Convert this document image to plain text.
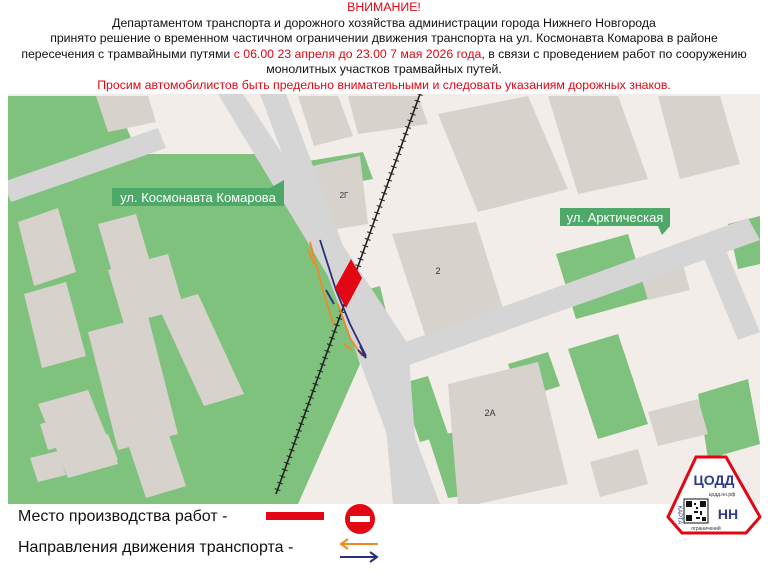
ВНИМАНИЕ!
Департаментом транспорта и дорожного хозяйства администрации города Нижнего Новгорода
принято решение о временном частичном ограничении движения транспорта на ул. Космонавта Комарова в районе
пересечения с трамвайными путями с 06.00 23 апреля до 23.00 7 мая 2026 года, в связи с проведением работ по сооружению
монолитных участков трамвайных путей.
Просим автомобилистов быть предельно внимательными и следовать указаниям дорожных знаков.
2Г
2
2А
ул. Космонавта Комарова
ул. Арктическая
Место производства работ -
Направления движения транспорта -
ЦОДД
цодд.нн.рф
КАРТА	НН
ограничений
